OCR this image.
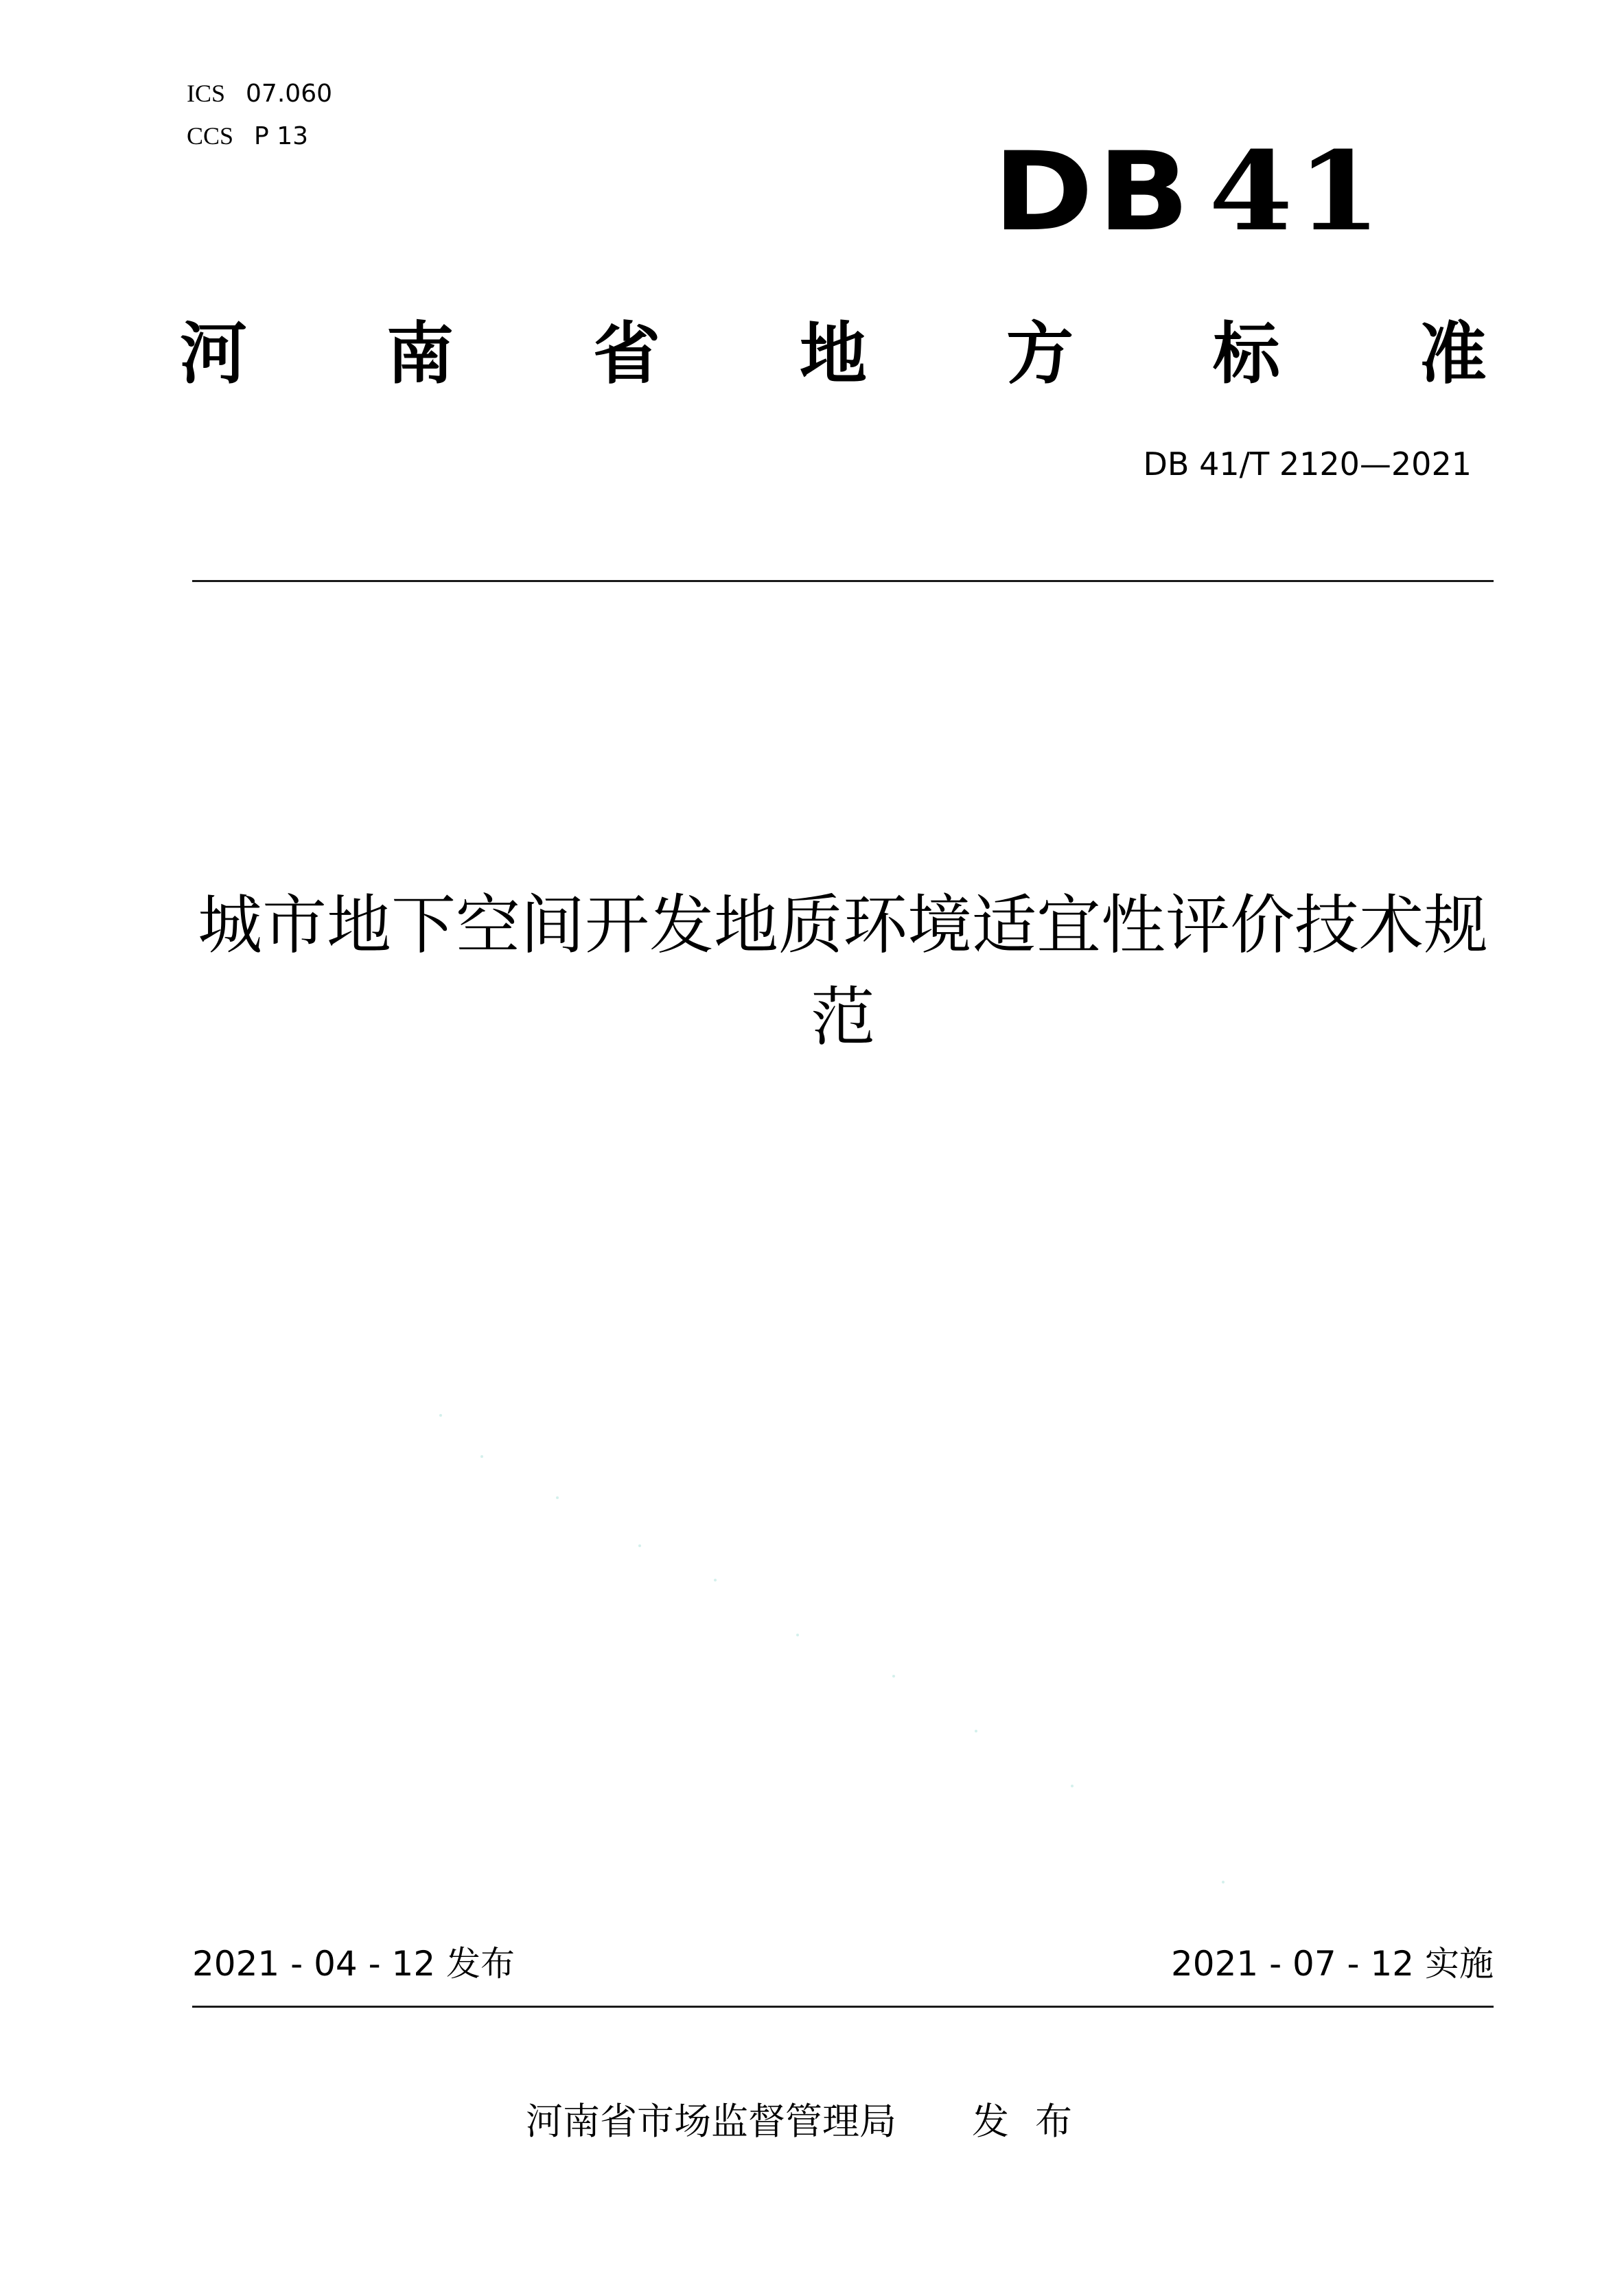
ICS 07.060
CCS P 13	DB 41
河 南 省 地 方 标 准
DB 41/T 2120—2021
城市地下空间开发地质环境适宜性评价技术规范
2021 - 04 - 12 发布	2021 - 07 - 12 实施
河南省市场监督管理局 发布
